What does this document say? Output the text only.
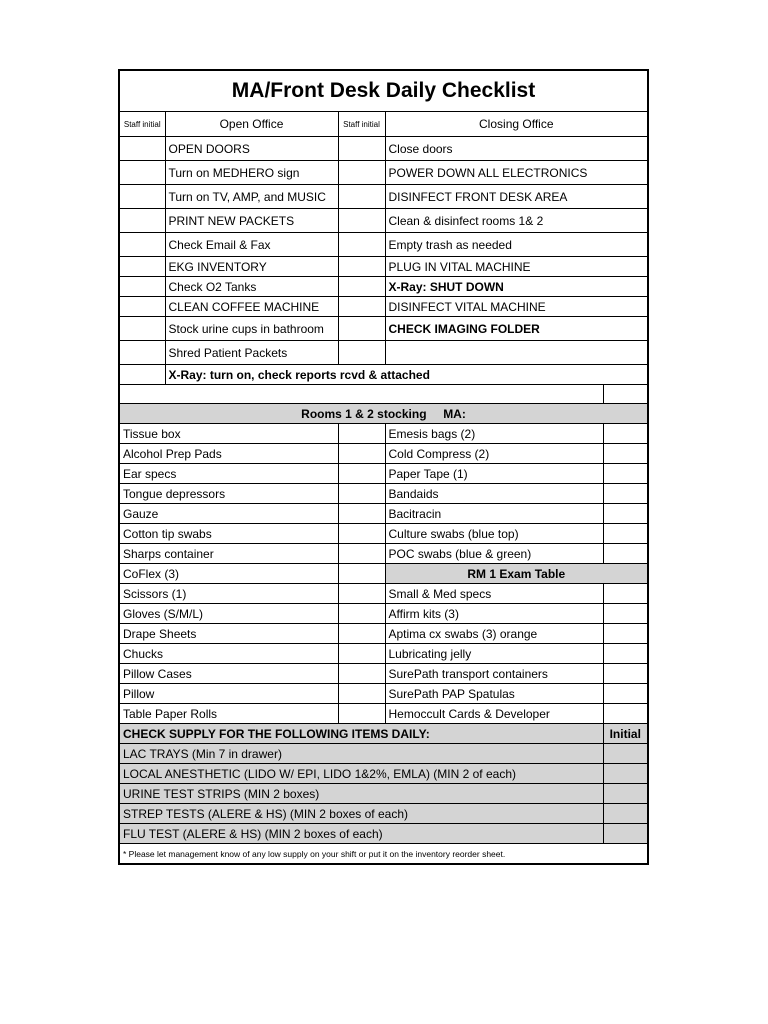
MA/Front Desk Daily Checklist				
Staff initial	Open Office	Staff initial	Closing Office	
	OPEN DOORS		Close doors	
	Turn on MEDHERO sign		POWER DOWN ALL ELECTRONICS	
	Turn on TV, AMP, and MUSIC		DISINFECT FRONT DESK AREA	
	PRINT NEW PACKETS		Clean & disinfect rooms 1& 2	
	Check Email & Fax		Empty trash as needed	
	EKG INVENTORY		PLUG IN VITAL MACHINE	
	Check O2 Tanks		X-Ray: SHUT DOWN	
	CLEAN COFFEE MACHINE		DISINFECT VITAL MACHINE	
	Stock urine cups in bathroom		CHECK IMAGING FOLDER	
	Shred Patient Packets			
	X-Ray: turn on, check reports rcvd & attached			

Rooms 1 & 2 stocking     MA:				
Tissue box			Emesis bags (2)	
Alcohol Prep Pads			Cold Compress (2)	
Ear specs			Paper Tape (1)	
Tongue depressors			Bandaids	
Gauze			Bacitracin	
Cotton tip swabs			Culture swabs (blue top)	
Sharps container			POC swabs (blue & green)	
CoFlex (3)			RM 1 Exam Table	
Scissors (1)			Small & Med specs	
Gloves (S/M/L)			Affirm kits (3)	
Drape Sheets			Aptima cx swabs (3) orange	
Chucks			Lubricating jelly	
Pillow Cases			SurePath transport containers	
Pillow			SurePath PAP Spatulas	
Table Paper Rolls			Hemoccult Cards & Developer	
CHECK SUPPLY FOR THE FOLLOWING ITEMS DAILY:				Initial
LAC TRAYS (Min 7 in drawer)				
LOCAL ANESTHETIC (LIDO W/ EPI, LIDO 1&2%, EMLA) (MIN 2 of each)				
URINE TEST STRIPS (MIN 2 boxes)				
STREP TESTS (ALERE & HS) (MIN 2 boxes of each)				
FLU TEST (ALERE & HS) (MIN 2 boxes of each)				
* Please let management know of any low supply on your shift or put it on the inventory reorder sheet.				
